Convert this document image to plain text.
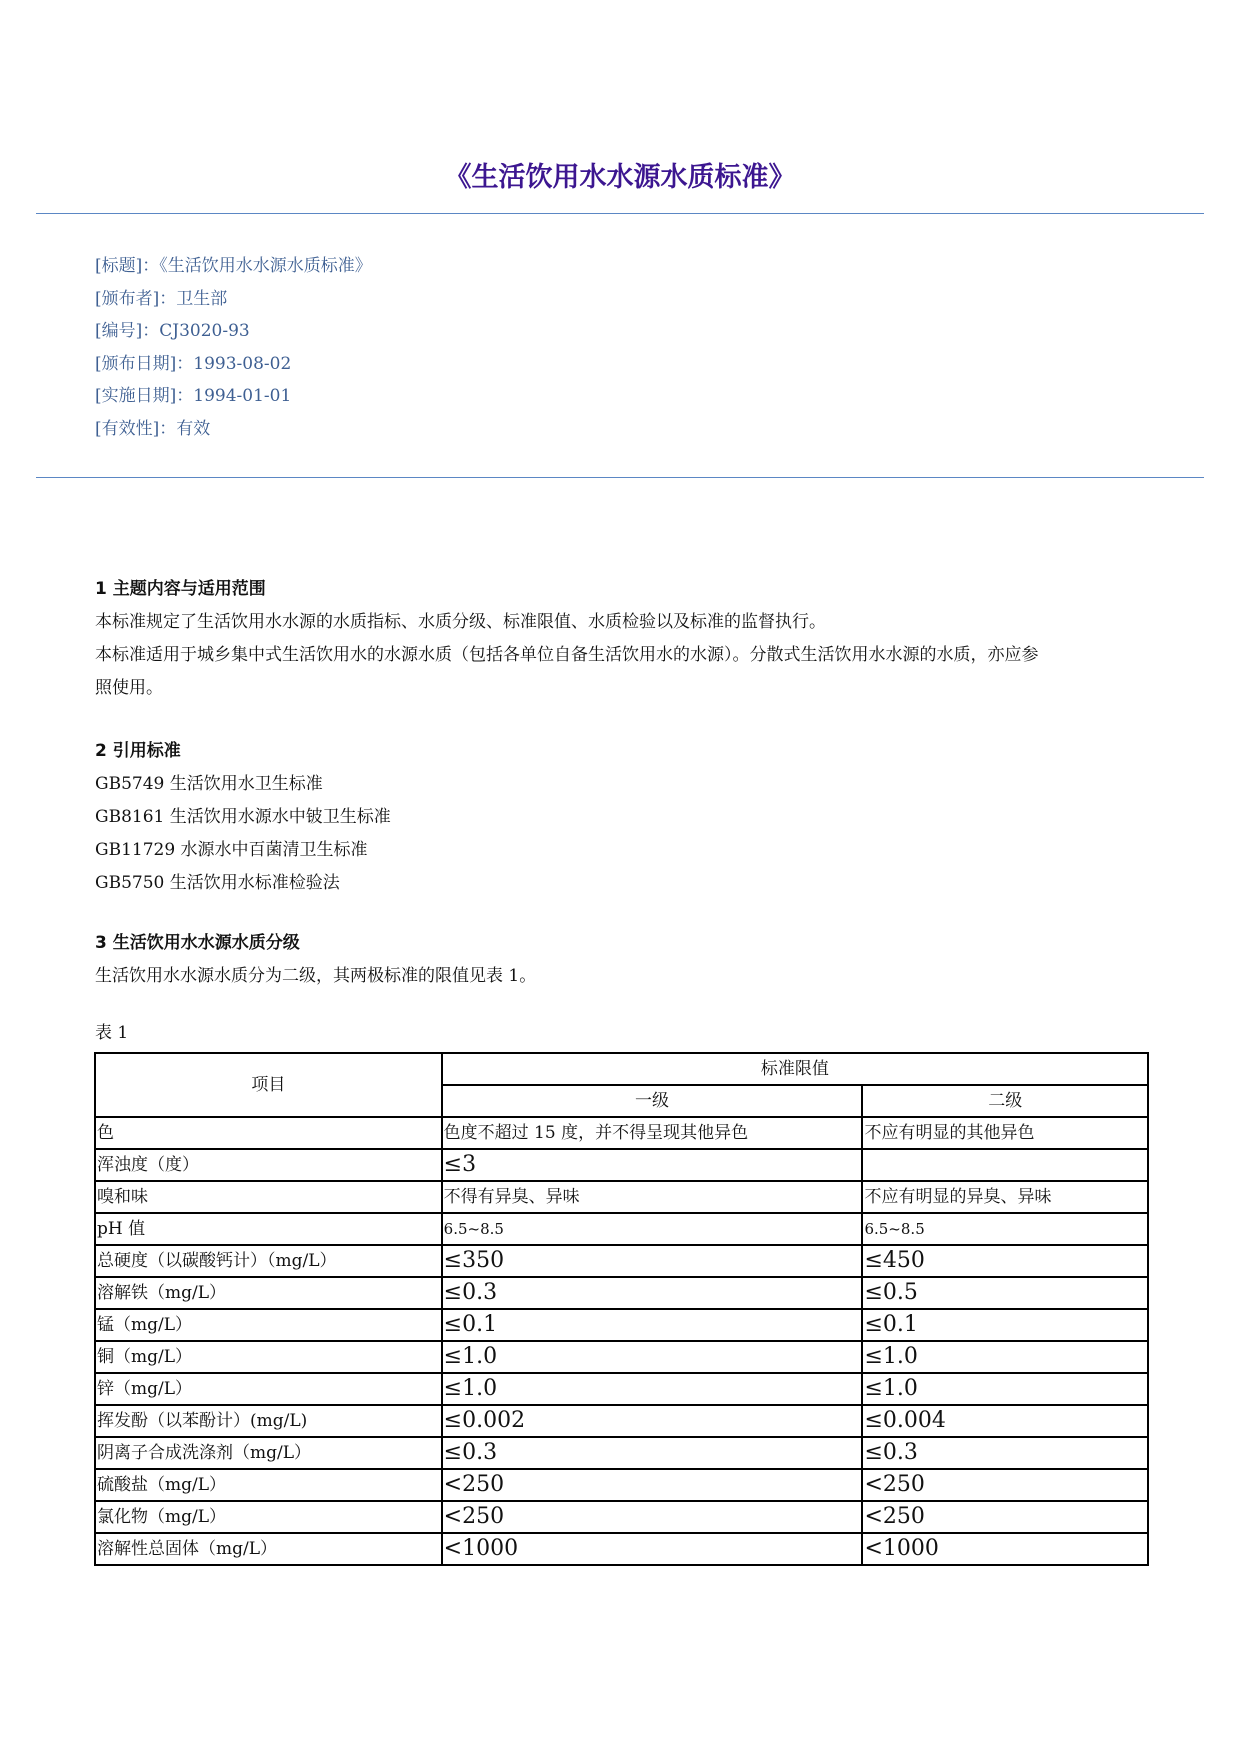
《生活饮用水水源水质标准》
[标题]：《生活饮用水水源水质标准》
[颁布者]：卫生部
[编号]：CJ3020-93
[颁布日期]：1993-08-02
[实施日期]：1994-01-01
[有效性]：有效
1 主题内容与适用范围

本标准规定了生活饮用水水源的水质指标、水质分级、标准限值、水质检验以及标准的监督执行。

本标准适用于城乡集中式生活饮用水的水源水质（包括各单位自备生活饮用水的水源）。分散式生活饮用水水源的水质，亦应参

照使用。

2 引用标准

GB5749 生活饮用水卫生标准

GB8161 生活饮用水源水中铍卫生标准

GB11729 水源水中百菌清卫生标准

GB5750 生活饮用水标准检验法

3 生活饮用水水源水质分级

生活饮用水水源水质分为二级，其两极标准的限值见表 1。

表 1
项目	标准限值	
	一级	二级
色	色度不超过 15 度，并不得呈现其他异色	不应有明显的其他异色
浑浊度（度）	≤3	
嗅和味	不得有异臭、异味	不应有明显的异臭、异味
pH 值	6.5~8.5	6.5~8.5
总硬度（以碳酸钙计）（mg/L）	≤350	≤450
溶解铁（mg/L）	≤0.3	≤0.5
锰（mg/L）	≤0.1	≤0.1
铜（mg/L）	≤1.0	≤1.0
锌（mg/L）	≤1.0	≤1.0
挥发酚（以苯酚计）(mg/L)	≤0.002	≤0.004
阴离子合成洗涤剂（mg/L）	≤0.3	≤0.3
硫酸盐（mg/L）	<250	<250
氯化物（mg/L）	<250	<250
溶解性总固体（mg/L）	<1000	<1000
